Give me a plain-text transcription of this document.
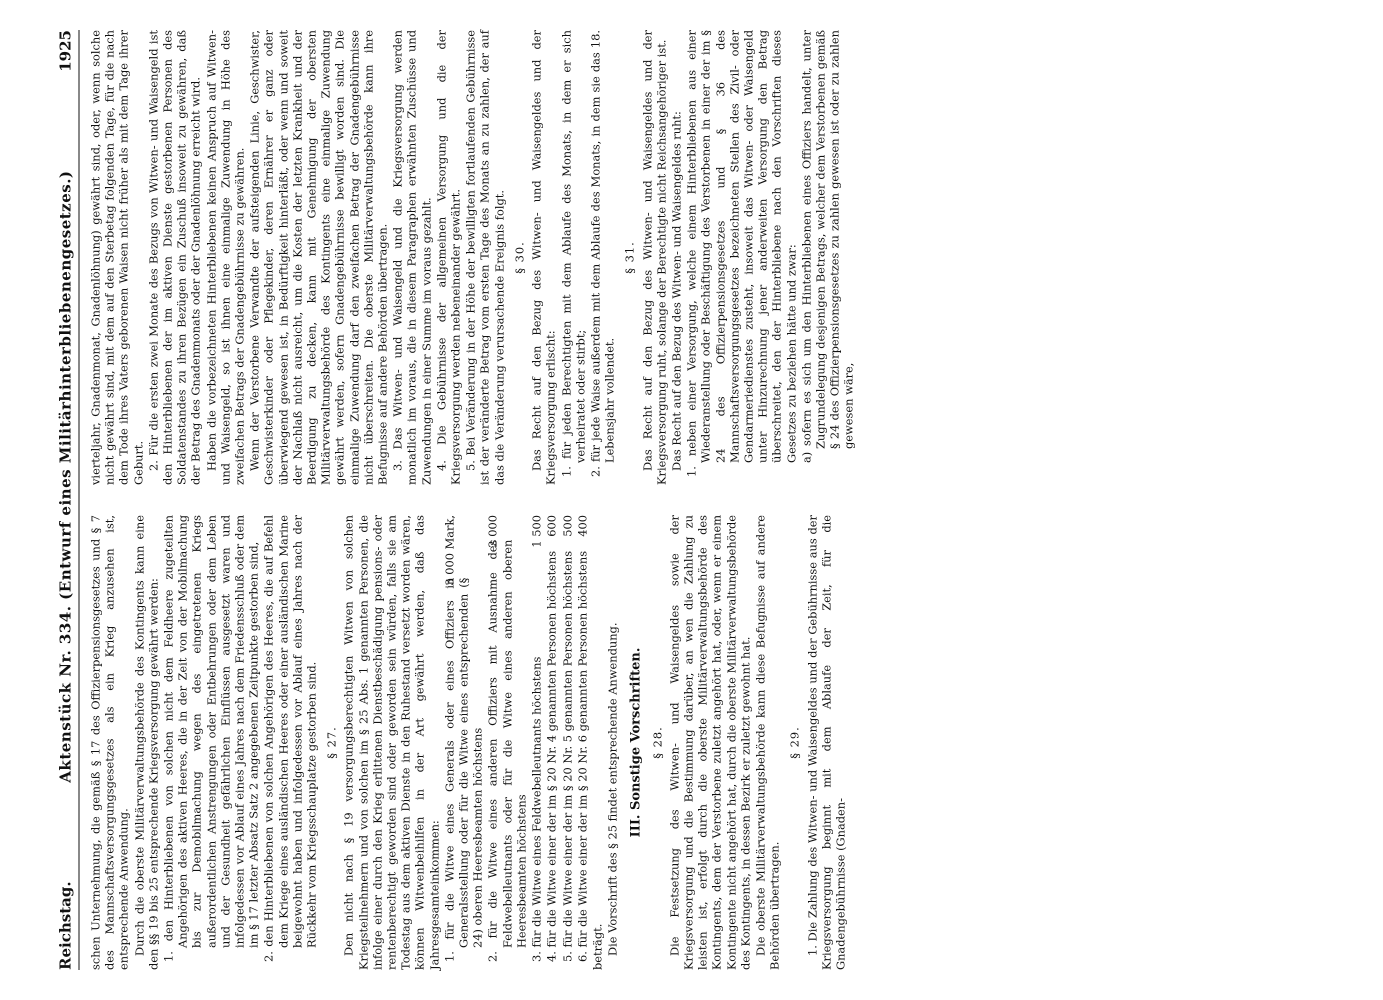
Reichstag.
Aktenstück Nr. 334. (Entwurf eines Militärhinterbliebenengesetzes.)
1925

schen Unternehmung, die gemäß § 17 des Offizierpensionsgesetzes und § 7 des Mannschaftsversorgungsgesetzes als ein Krieg anzusehen ist, entsprechende Anwendung. Durch die oberste Militärverwaltungsbehörde des Kontingents kann eine den §§ 19 bis 25 entsprechende Kriegsversorgung gewährt werden: 1. den Hinterbliebenen von solchen nicht dem Feldheere zugeteilten Angehörigen des aktiven Heeres, die in der Zeit von der Mobilmachung bis zur Demobilmachung wegen des eingetretenen Kriegs außerordentlichen Anstrengungen oder Entbehrungen oder dem Leben und der Gesundheit gefährlichen Einflüssen ausgesetzt waren und infolgedessen vor Ablauf eines Jahres nach dem Friedensschluß oder dem im § 17 letzter Absatz Satz 2 angegebenen Zeitpunkte gestorben sind, 2. den Hinterbliebenen von solchen Angehörigen des Heeres, die auf Befehl dem Kriege eines ausländischen Heeres oder einer ausländischen Marine beigewohnt haben und infolgedessen vor Ablauf eines Jahres nach der Rückkehr vom Kriegsschauplatze gestorben sind. § 27. Den nicht nach § 19 versorgungsberechtigten Witwen von solchen Kriegsteilnehmern und von solchen im § 25 Abs. 1 genannten Personen, die infolge einer durch den Krieg erlittenen Dienstbeschädigung pensions- oder rentenberechtigt geworden sind oder geworden sein würden, falls sie am Todestag aus dem aktiven Dienste in den Ruhestand versetzt worden wären, können Witwenbeihilfen in der Art gewährt werden, daß das Jahresgesamteinkommen: 1. für die Witwe eines Generals oder eines Offiziers in Generalsstellung oder für die Witwe eines entsprechenden (§ 24) oberen Heeresbeamten höchstens
3 000 Mark,	2. für die Witwe eines anderen Offiziers mit Ausnahme des Feldwebelleutnants oder für die Witwe eines anderen oberen Heeresbeamten höchstens
2 000
3. für die Witwe eines Feldwebelleutnants höchstens
1 500
4. für die Witwe einer der im § 20 Nr. 4 genannten Personen höchstens
600
5. für die Witwe einer der im § 20 Nr. 5 genannten Personen höchstens
500
6. für die Witwe einer der im § 20 Nr. 6 genannten Personen höchstens
400

beträgt. Die Vorschrift des § 25 findet entsprechende Anwendung. III. Sonstige Vorschriften. § 28. Die Festsetzung des Witwen- und Waisengeldes sowie der Kriegsversorgung und die Bestimmung darüber, an wen die Zahlung zu leisten ist, erfolgt durch die oberste Militärverwaltungsbehörde des Kontingents, dem der Verstorbene zuletzt angehört hat, oder, wenn er einem Kontingente nicht angehört hat, durch die oberste Militärverwaltungsbehörde des Kontingents, in dessen Bezirk er zuletzt gewohnt hat. Die oberste Militärverwaltungsbehörde kann diese Befugnisse auf andere Behörden übertragen.

§ 29. 1. Die Zahlung des Witwen- und Waisengeldes und der Gebührnisse aus der Kriegsversorgung beginnt mit dem Ablaufe der Zeit, für die Gnadengebührnisse (Gnaden-

vierteljahr, Gnadenmonat, Gnadenlöhnung) gewährt sind, oder, wenn solche nicht gewährt sind, mit dem auf den Sterbetag folgenden Tage, für die nach dem Tode ihres Vaters geborenen Waisen nicht früher als mit dem Tage ihrer Geburt. 2. Für die ersten zwei Monate des Bezugs von Witwen- und Waisengeld ist den Hinterbliebenen der im aktiven Dienste gestorbenen Personen des Soldatenstandes zu ihren Bezügen ein Zuschuß insoweit zu gewähren, daß der Betrag des Gnadenmonats oder der Gnadenlöhnung erreicht wird. Haben die vorbezeichneten Hinterbliebenen keinen Anspruch auf Witwen- und Waisengeld, so ist ihnen eine einmalige Zuwendung in Höhe des zweifachen Betrags der Gnadengebührnisse zu gewähren. Wenn der Verstorbene Verwandte der aufsteigenden Linie, Geschwister, Geschwisterkinder oder Pflegekinder, deren Ernährer er ganz oder überwiegend gewesen ist, in Bedürftigkeit hinterläßt, oder wenn und soweit der Nachlaß nicht ausreicht, um die Kosten der letzten Krankheit und der Beerdigung zu decken, kann mit Genehmigung der obersten Militärverwaltungsbehörde des Kontingents eine einmalige Zuwendung gewährt werden, sofern Gnadengebührnisse bewilligt worden sind. Die einmalige Zuwendung darf den zweifachen Betrag der Gnadengebührnisse nicht überschreiten. Die oberste Militärverwaltungsbehörde kann ihre Befugnisse auf andere Behörden übertragen. 3. Das Witwen- und Waisengeld und die Kriegsversorgung werden monatlich im voraus, die in diesem Paragraphen erwähnten Zuschüsse und Zuwendungen in einer Summe im voraus gezahlt. 4. Die Gebührnisse der allgemeinen Versorgung und die der Kriegsversorgung werden nebeneinander gewährt. 5. Bei Veränderung in der Höhe der bewilligten fortlaufenden Gebührnisse ist der veränderte Betrag vom ersten Tage des Monats an zu zahlen, der auf das die Veränderung verursachende Ereignis folgt. § 30. Das Recht auf den Bezug des Witwen- und Waisengeldes und der Kriegsversorgung erlischt: 1. für jeden Berechtigten mit dem Ablaufe des Monats, in dem er sich verheiratet oder stirbt; 2. für jede Waise außerdem mit dem Ablaufe des Monats, in dem sie das 18. Lebensjahr vollendet.
§ 31. Das Recht auf den Bezug des Witwen- und Waisengeldes und der Kriegsversorgung ruht, solange der Berechtigte nicht Reichsangehöriger ist. Das Recht auf den Bezug des Witwen- und Waisengeldes ruht: 1. neben einer Versorgung, welche einem Hinterbliebenen aus einer Wiederanstellung oder Beschäftigung des Verstorbenen in einer der im § 24 des Offizierpensionsgesetzes und § 36 des Mannschaftsversorgungsgesetzes bezeichneten Stellen des Zivil- oder Gendarmeriedienstes zusteht, insoweit das Witwen- oder Waisengeld unter Hinzurechnung jener anderweiten Versorgung den Betrag überschreitet, den der Hinterbliebene nach den Vorschriften dieses Gesetzes zu beziehen hätte und zwar: a) sofern es sich um den Hinterbliebenen eines Offiziers handelt, unter Zugrundelegung desjenigen Betrags, welcher dem Verstorbenen gemäß § 24 des Offizierpensionsgesetzes zu zahlen gewesen ist oder zu zahlen gewesen wäre,
